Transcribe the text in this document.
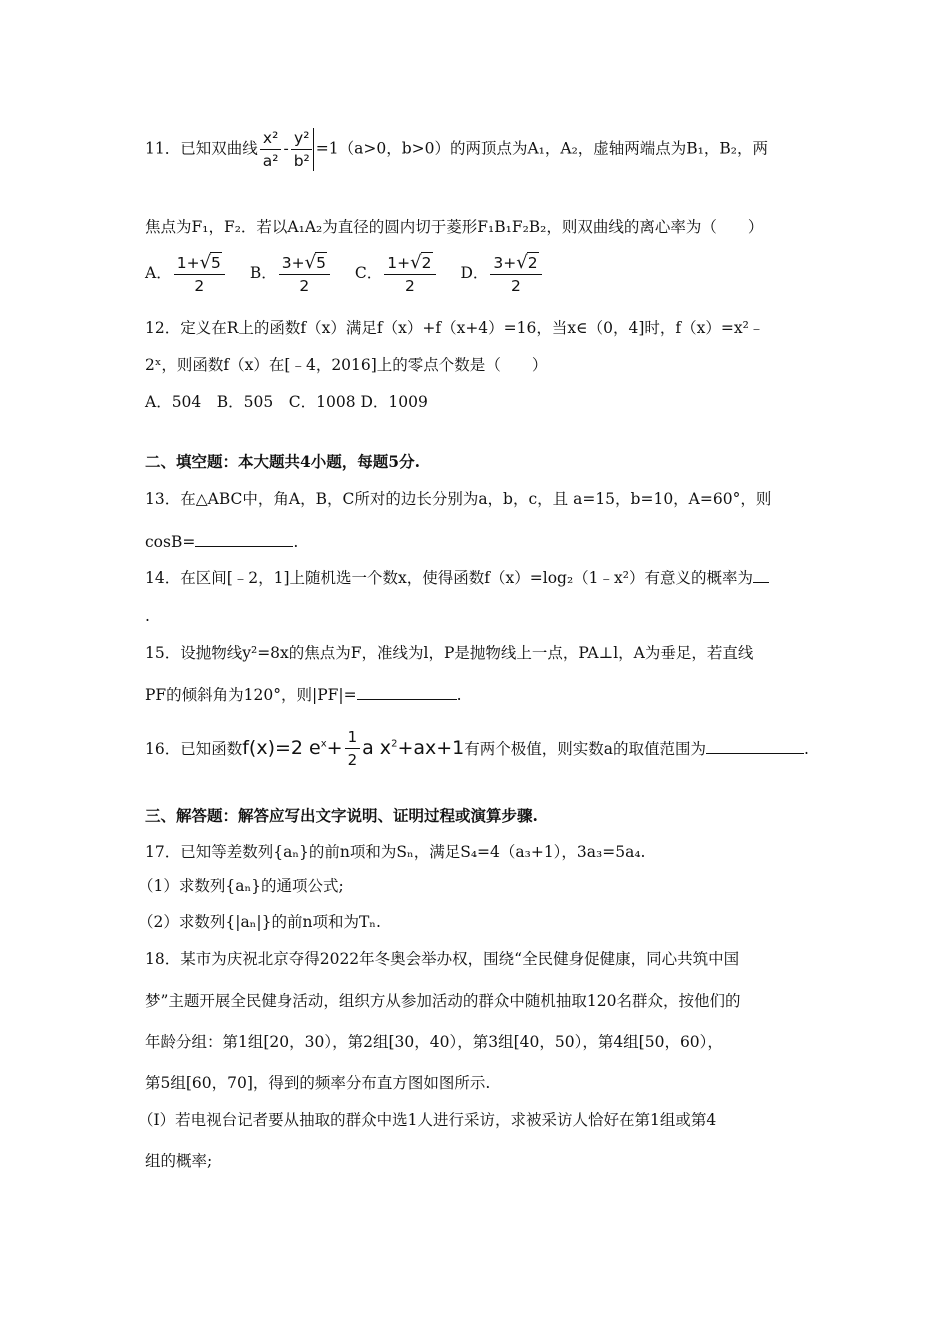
11．已知双曲线 $\frac{\text{x²}}{\text{a²}} - \frac{\text{y²}}{\text{b²}} =1(a>0$，b>0）的两顶点为A₁，A₂，虚轴两端点为B₁，B₂，两
焦点为F₁，F₂．若以A₁A₂为直径的圆内切于菱形F₁B₁F₂B₂，则双曲线的离心率为（　　）
A． $\frac{1+√5}{2}$ B． $\frac{3+√5}{2}$ C． $\frac{1+√2}{2}$ D． $\frac{3+√2}{2}$
12．定义在R上的函数f（x）满足f（x）+f（x+4）=16，当x∈（0，4]时，f（x）=x²﹣
2ˣ，则函数f（x）在[﹣4，2016]上的零点个数是（　　）
A．504　B．505　C．1008 D．1009
二、填空题：本大题共4小题，每题5分.
13．在△ABC中，角A，B，C所对的边长分别为a，b，c，且 a=15，b=10，A=60°，则
cosB=	.
14．在区间[﹣2，1]上随机选一个数x，使得函数f（x）=log₂（1﹣x²）有意义的概率为
.
15．设抛物线y²=8x的焦点为F，准线为l，P是抛物线上一点，PA⊥l，A为垂足，若直线
PF的倾斜角为120°，则|PF|=	.
16．已知函数f(x)=2 $e^x+ \frac{1}{2}$ a $x^2+ax+1$有两个极值，则实数a的取值范围为	.
三、解答题：解答应写出文字说明、证明过程或演算步骤.
17．已知等差数列{aₙ}的前n项和为Sₙ，满足S₄=4（a₃+1），3a₃=5a₄.
（1）求数列{aₙ}的通项公式;
（2）求数列{|aₙ|}的前n项和为Tₙ.
18．某市为庆祝北京夺得2022年冬奥会举办权，围绕“全民健身促健康，同心共筑中国
梦”主题开展全民健身活动，组织方从参加活动的群众中随机抽取120名群众，按他们的
年龄分组：第1组[20，30），第2组[30，40），第3组[40，50），第4组[50，60），
第5组[60，70]，得到的频率分布直方图如图所示.
（Ⅰ）若电视台记者要从抽取的群众中选1人进行采访，求被采访人恰好在第1组或第4
组的概率;
